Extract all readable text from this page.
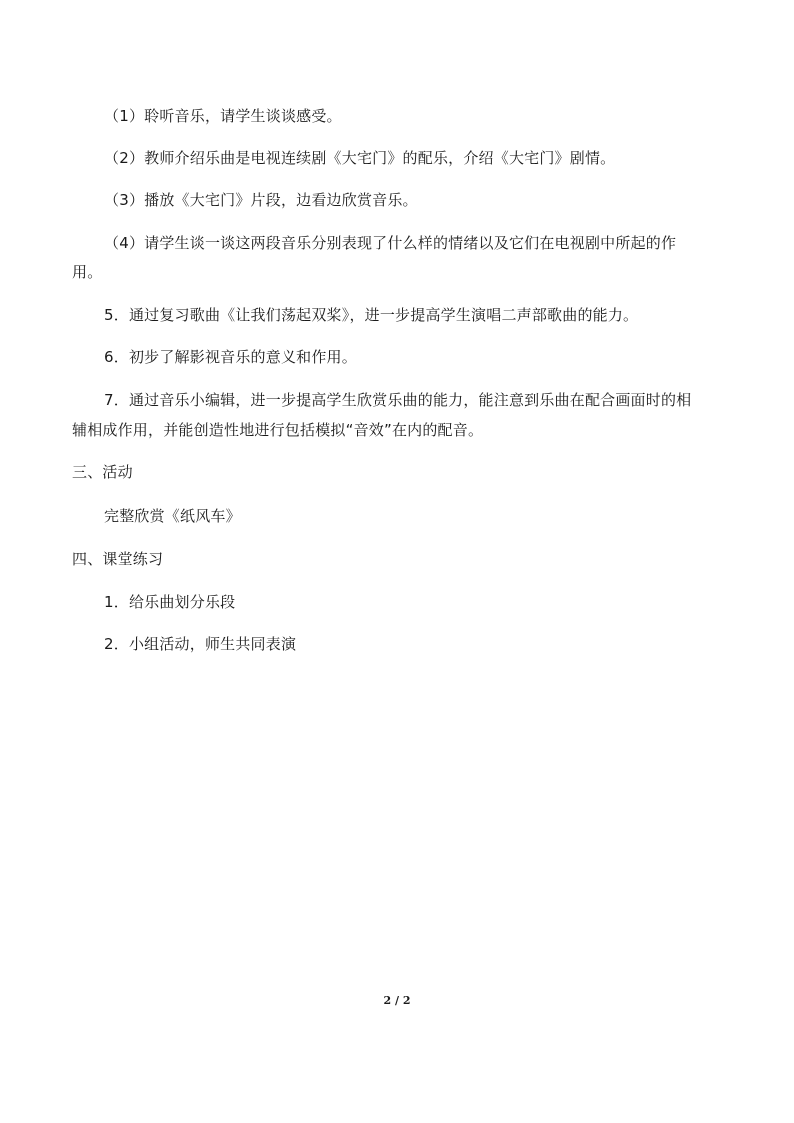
（1）聆听音乐，请学生谈谈感受。
（2）教师介绍乐曲是电视连续剧《大宅门》的配乐，介绍《大宅门》剧情。
（3）播放《大宅门》片段，边看边欣赏音乐。
（4）请学生谈一谈这两段音乐分别表现了什么样的情绪以及它们在电视剧中所起的作
用。
5．通过复习歌曲《让我们荡起双桨》，进一步提高学生演唱二声部歌曲的能力。
6．初步了解影视音乐的意义和作用。
7．通过音乐小编辑，进一步提高学生欣赏乐曲的能力，能注意到乐曲在配合画面时的相
辅相成作用，并能创造性地进行包括模拟“音效”在内的配音。
三、活动
完整欣赏《纸风车》
四、课堂练习
1．给乐曲划分乐段
2．小组活动，师生共同表演
2 / 2
